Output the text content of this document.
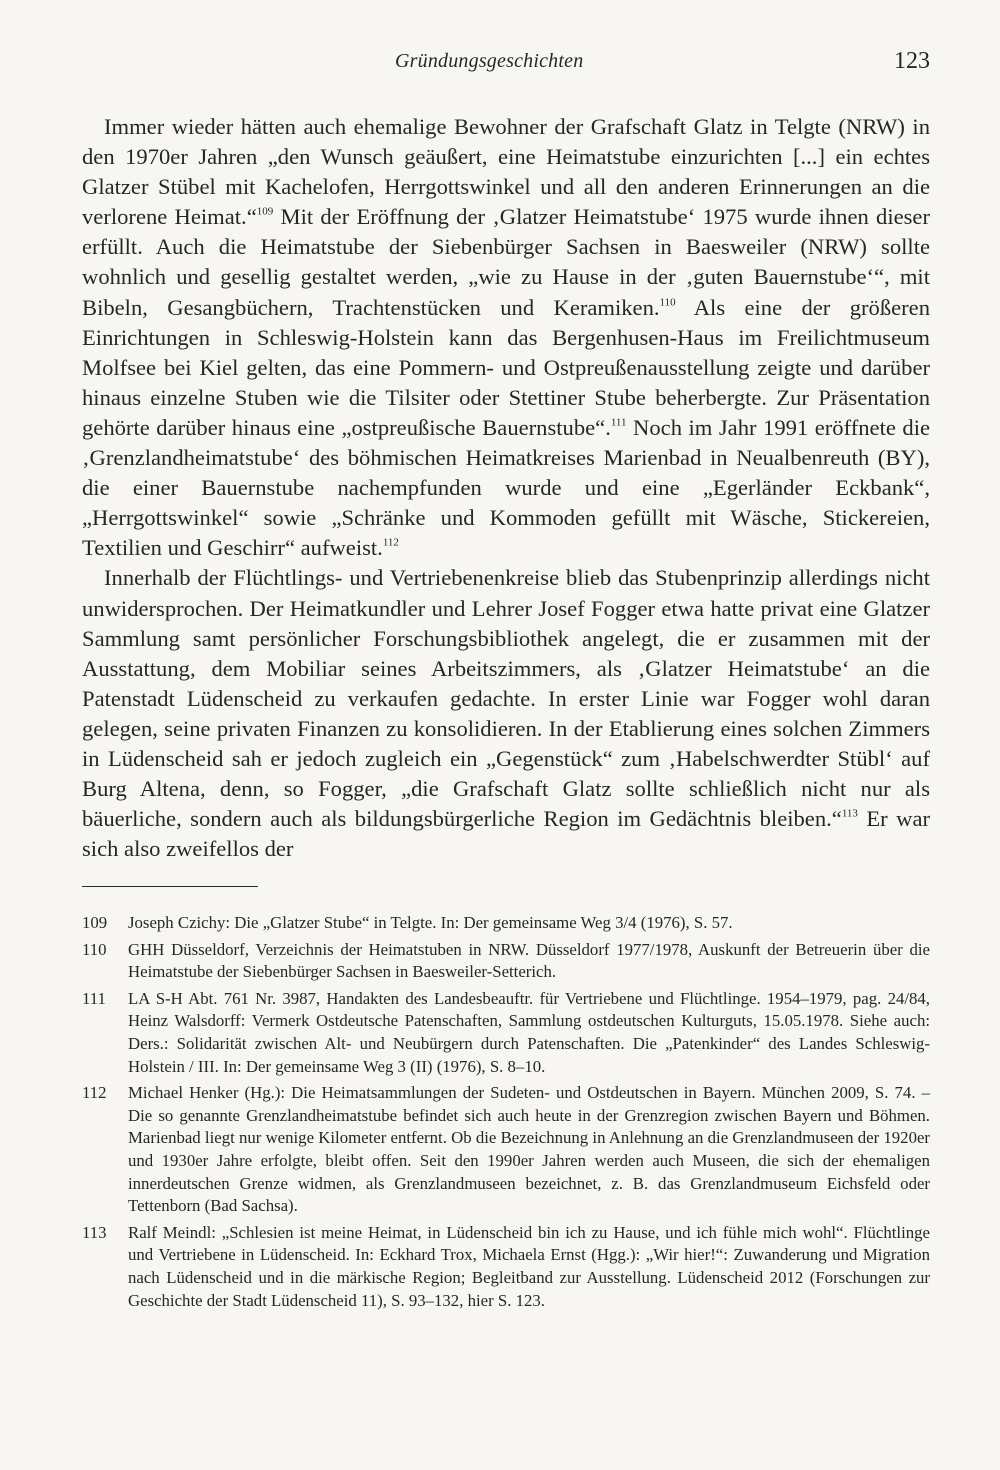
Gründungsgeschichten	123

Immer wieder hätten auch ehemalige Bewohner der Grafschaft Glatz in Telgte (NRW) in den 1970er Jahren „den Wunsch geäußert, eine Heimatstube einzurichten [...] ein echtes Glatzer Stübel mit Kachelofen, Herrgottswinkel und all den anderen Erinnerungen an die verlorene Heimat.“$^{109}$ Mit der Eröffnung der ‚Glatzer Heimatstube‘ 1975 wurde ihnen dieser erfüllt. Auch die Heimatstube der Siebenbürger Sachsen in Baesweiler (NRW) sollte wohnlich und gesellig gestaltet werden, „wie zu Hause in der ‚guten Bauernstube‘“, mit Bibeln, Gesangbüchern, Trachtenstücken und Keramiken.$^{110}$ Als eine der größeren Einrichtungen in Schleswig-Holstein kann das Bergenhusen-Haus im Freilichtmuseum Molfsee bei Kiel gelten, das eine Pommern- und Ostpreußenausstellung zeigte und darüber hinaus einzelne Stuben wie die Tilsiter oder Stettiner Stube beherbergte. Zur Präsentation gehörte darüber hinaus eine „ostpreußische Bauernstube“.$^{111}$ Noch im Jahr 1991 eröffnete die ‚Grenzlandheimatstube‘ des böhmischen Heimatkreises Marienbad in Neualbenreuth (BY), die einer Bauernstube nachempfunden wurde und eine „Egerländer Eckbank“, „Herrgottswinkel“ sowie „Schränke und Kommoden gefüllt mit Wäsche, Stickereien, Textilien und Geschirr“ aufweist.$^{112}$

Innerhalb der Flüchtlings- und Vertriebenenkreise blieb das Stubenprinzip allerdings nicht unwidersprochen. Der Heimatkundler und Lehrer Josef Fogger etwa hatte privat eine Glatzer Sammlung samt persönlicher Forschungsbibliothek angelegt, die er zusammen mit der Ausstattung, dem Mobiliar seines Arbeitszimmers, als ‚Glatzer Heimatstube‘ an die Patenstadt Lüdenscheid zu verkaufen gedachte. In erster Linie war Fogger wohl daran gelegen, seine privaten Finanzen zu konsolidieren. In der Etablierung eines solchen Zimmers in Lüdenscheid sah er jedoch zugleich ein „Gegenstück“ zum ‚Habelschwerdter Stübl‘ auf Burg Altena, denn, so Fogger, „die Grafschaft Glatz sollte schließlich nicht nur als bäuerliche, sondern auch als bildungsbürgerliche Region im Gedächtnis bleiben.“$^{113}$ Er war sich also zweifellos der

109	Joseph Czichy: Die „Glatzer Stube“ in Telgte. In: Der gemeinsame Weg 3/4 (1976), S. 57.
110	GHH Düsseldorf, Verzeichnis der Heimatstuben in NRW. Düsseldorf 1977/1978, Auskunft der Betreuerin über die Heimatstube der Siebenbürger Sachsen in Baesweiler-Setterich.
111	LA S-H Abt. 761 Nr. 3987, Handakten des Landesbeauftr. für Vertriebene und Flüchtlinge. 1954–1979, pag. 24/84, Heinz Walsdorff: Vermerk Ostdeutsche Patenschaften, Sammlung ostdeutschen Kulturguts, 15.05.1978. Siehe auch: Ders.: Solidarität zwischen Alt- und Neubürgern durch Patenschaften. Die „Patenkinder“ des Landes Schleswig-Holstein / III. In: Der gemeinsame Weg 3 (II) (1976), S. 8–10.
112	Michael Henker (Hg.): Die Heimatsammlungen der Sudeten- und Ostdeutschen in Bayern. München 2009, S. 74. – Die so genannte Grenzlandheimatstube befindet sich auch heute in der Grenzregion zwischen Bayern und Böhmen. Marienbad liegt nur wenige Kilometer entfernt. Ob die Bezeichnung in Anlehnung an die Grenzlandmuseen der 1920er und 1930er Jahre erfolgte, bleibt offen. Seit den 1990er Jahren werden auch Museen, die sich der ehemaligen innerdeutschen Grenze widmen, als Grenzlandmuseen bezeichnet, z. B. das Grenzlandmuseum Eichsfeld oder Tettenborn (Bad Sachsa).
113	Ralf Meindl: „Schlesien ist meine Heimat, in Lüdenscheid bin ich zu Hause, und ich fühle mich wohl“. Flüchtlinge und Vertriebene in Lüdenscheid. In: Eckhard Trox, Michaela Ernst (Hgg.): „Wir hier!“: Zuwanderung und Migration nach Lüdenscheid und in die märkische Region; Begleitband zur Ausstellung. Lüdenscheid 2012 (Forschungen zur Geschichte der Stadt Lüdenscheid 11), S. 93–132, hier S. 123.
